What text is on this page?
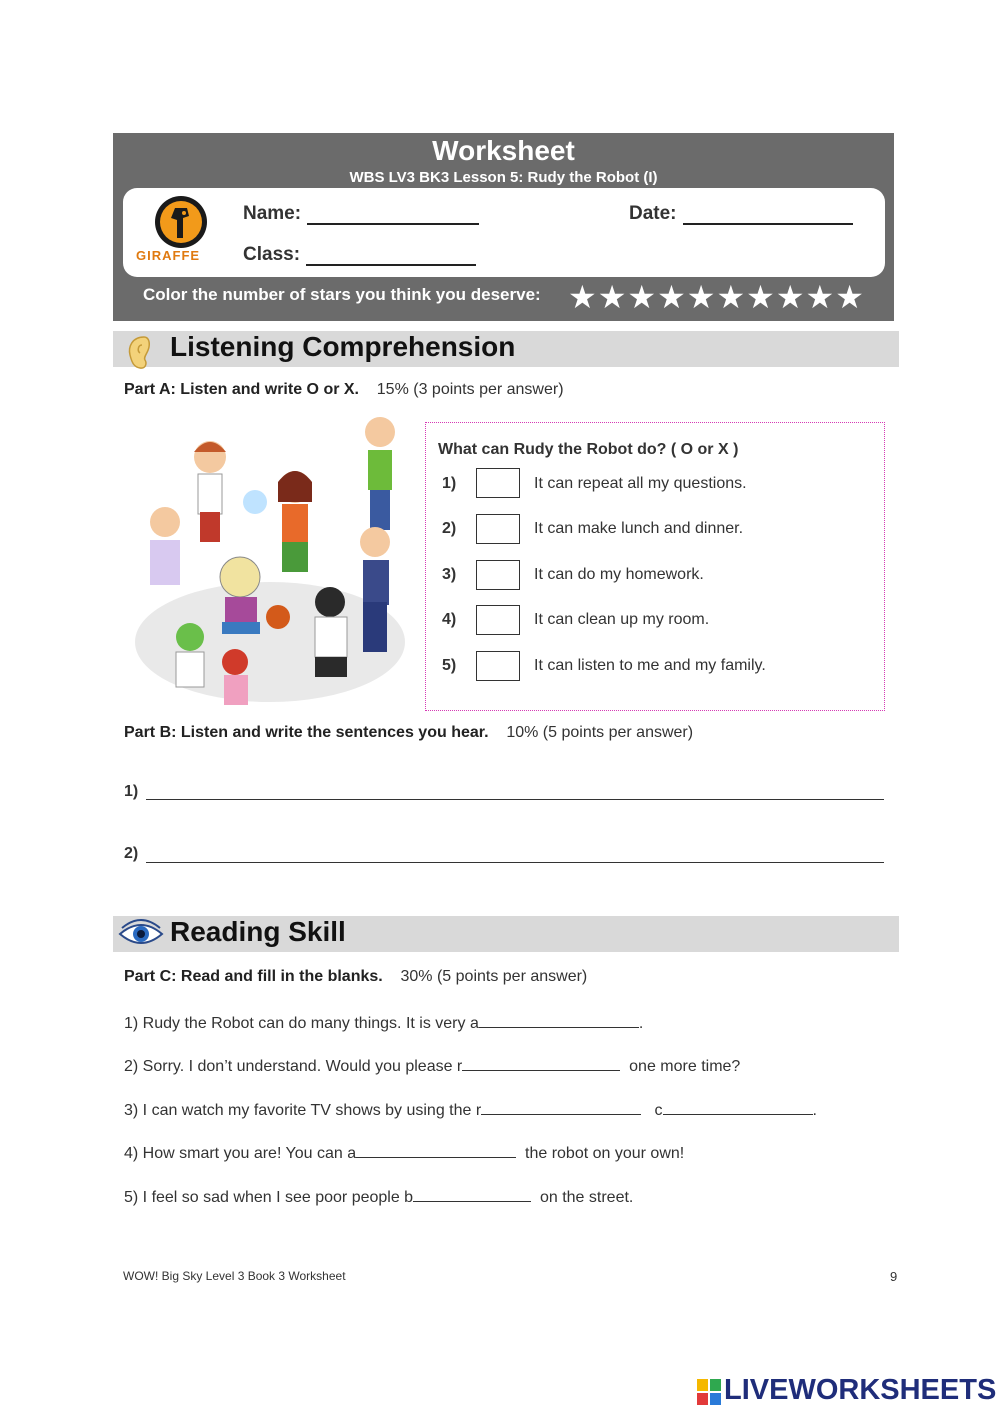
Worksheet
WBS LV3 BK3 Lesson 5: Rudy the Robot (I)
GIRAFFE
Name:	Date:
Class:
Color the number of stars you think you deserve: ★★★★★★★★★★
Listening Comprehension
Part A: Listen and write O or X. 15% (3 points per answer)
What can Rudy the Robot do? ( O or X )
1)	It can repeat all my questions.
2)	It can make lunch and dinner.
3)	It can do my homework.
4)	It can clean up my room.
5)	It can listen to me and my family.
Part B: Listen and write the sentences you hear. 10% (5 points per answer)
1)
2)
Reading Skill
Part C: Read and fill in the blanks. 30% (5 points per answer)
1) Rudy the Robot can do many things. It is very a	.
2) Sorry. I don’t understand. Would you please r	one more time?
3) I can watch my favorite TV shows by using the r	c	.
4) How smart you are! You can a	the robot on your own!
5) I feel so sad when I see poor people b	on the street.
WOW! Big Sky Level 3 Book 3 Worksheet	9
LIVEWORKSHEETS
